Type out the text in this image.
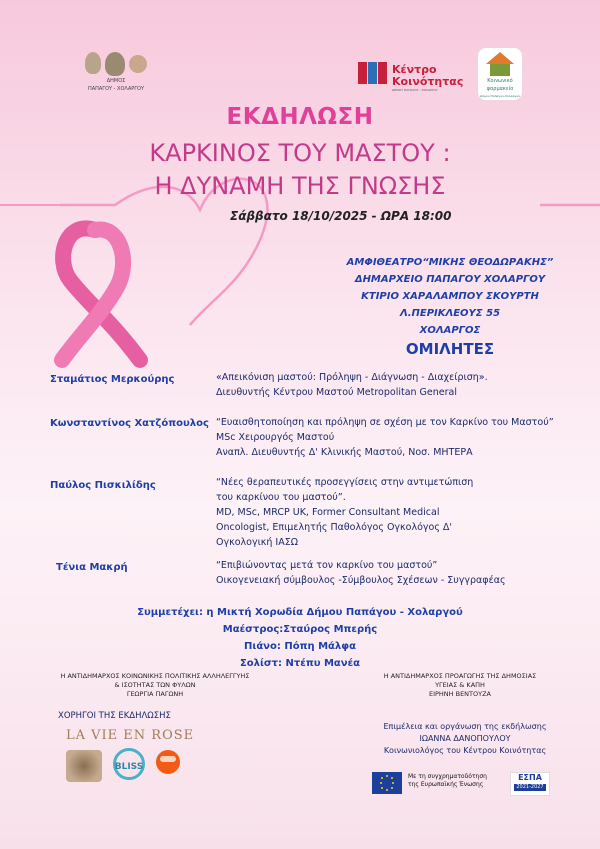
ΔΗΜΟΣ
ΠΑΠΑΓΟΥ - ΧΟΛΑΡΓΟΥ
Κέντρο
Κοινότητας
ΔΗΜΟΥ ΠΑΠΑΓΟΥ - ΧΟΛΑΡΓΟΥ
Κοινωνικό
φαρμακείο
Δήμου Παπάγου-Χολαργού
ΕΚΔΗΛΩΣΗ
ΚΑΡΚΙΝΟΣ ΤΟΥ ΜΑΣΤΟΥ :
Η ΔΥΝΑΜΗ ΤΗΣ ΓΝΩΣΗΣ
Σάββατο 18/10/2025 - ΩΡΑ 18:00
ΑΜΦΙΘΕΑΤΡΟ“ΜΙΚΗΣ ΘΕΟΔΩΡΑΚΗΣ”
ΔΗΜΑΡΧΕΙΟ ΠΑΠΑΓΟΥ ΧΟΛΑΡΓΟΥ
ΚΤΙΡΙΟ ΧΑΡΑΛΑΜΠΟΥ ΣΚΟΥΡΤΗ
Λ.ΠΕΡΙΚΛΕΟΥΣ 55
ΧΟΛΑΡΓΟΣ
ΟΜΙΛΗΤΕΣ
Σταμάτιος Μερκούρης	«Απεικόνιση μαστού: Πρόληψη - Διάγνωση - Διαχείριση».
Διευθυντής Κέντρου Μαστού Metropolitan General
Κωνσταντίνος Χατζόπουλος “Ευαισθητοποίηση και πρόληψη σε σχέση με τον Καρκίνο του Μαστού”
MSc Χειρουργός Μαστού
Αναπλ. Διευθυντής Δ' Κλινικής Μαστού, Νοσ. ΜΗΤΕΡΑ
Παύλος Πισκιλίδης	“Νέες θεραπευτικές προσεγγίσεις στην αντιμετώπιση
του καρκίνου του μαστού”.
MD, MSc, MRCP UK, Former Consultant Medical
Oncologist, Επιμελητής Παθολόγος Ογκολόγος Δ'
Ογκολογική ΙΑΣΩ
Τένια Μακρή	“Επιβιώνοντας μετά τον καρκίνο του μαστού”
Οικογενειακή σύμβουλος -Σύμβουλος Σχέσεων - Συγγραφέας
Συμμετέχει: η Μικτή Χορωδία Δήμου Παπάγου - Χολαργού
Μαέστρος:Σταύρος Μπερής
Πιάνο: Πόπη Μάλφα
Σολίστ: Ντέπυ Μανέα
Η ΑΝΤΙΔΗΜΑΡΧΟΣ ΚΟΙΝΩΝΙΚΗΣ ΠΟΛΙΤΙΚΗΣ ΑΛΛΗΛΕΓΓΥΗΣ
& ΙΣΟΤΗΤΑΣ ΤΩΝ ΦΥΛΩΝ
ΓΕΩΡΓΙΑ ΠΑΓΩΝΗ
Η ΑΝΤΙΔΗΜΑΡΧΟΣ ΠΡΟΑΓΩΓΗΣ ΤΗΣ ΔΗΜΟΣΙΑΣ
ΥΓΕΙΑΣ & ΚΑΠΗ
ΕΙΡΗΝΗ ΒΕΝΤΟΥΖΑ
ΧΟΡΗΓΟΙ ΤΗΣ ΕΚΔΗΛΩΣΗΣ
LA VIE EN ROSE
BLISS
Επιμέλεια και οργάνωση της εκδήλωσης
ΙΩΑΝΝΑ ΔΑΝΟΠΟΥΛΟΥ
Κοινωνιολόγος του Κέντρου Κοινότητας
Με τη συγχρηματοδότηση
της Ευρωπαϊκής Ένωσης
ΕΣΠΑ
2021-2027
